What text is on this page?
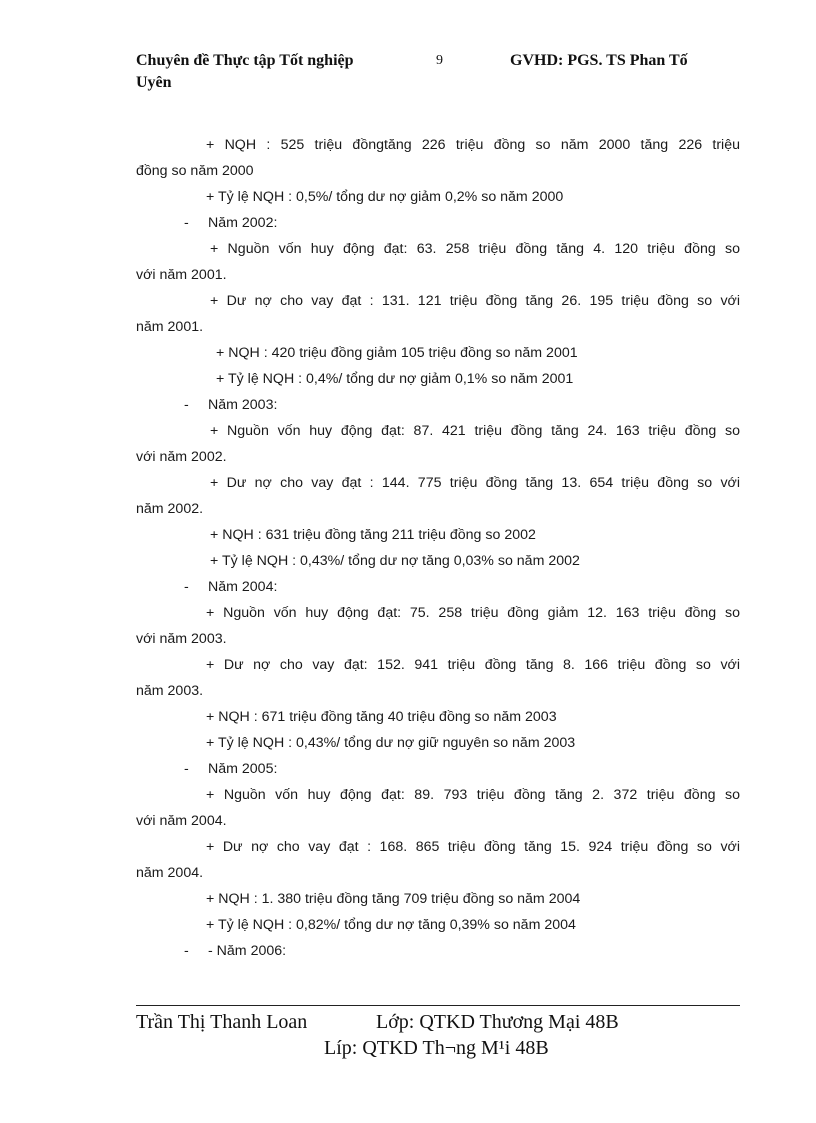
Chuyên đề Thực tập Tốt nghiệp
Uyên
9	GVHD: PGS. TS Phan Tố
+ NQH : 525 triệu đồngtăng 226 triệu đồng so năm 2000 tăng 226 triệu
đồng so năm 2000
+ Tỷ lệ NQH : 0,5%/ tổng dư nợ giảm 0,2% so năm 2000
- Năm 2002:
+ Nguồn vốn huy động đạt: 63. 258 triệu đồng tăng 4. 120 triệu đồng so
với năm 2001.
+ Dư nợ cho vay đạt : 131. 121 triệu đồng tăng 26. 195 triệu đồng so với
năm 2001.
+ NQH : 420 triệu đồng giảm 105 triệu đồng so năm 2001
+ Tỷ lệ NQH : 0,4%/ tổng dư nợ giảm 0,1% so năm 2001
- Năm 2003:
+ Nguồn vốn huy động đạt: 87. 421 triệu đồng tăng 24. 163 triệu đồng so
với năm 2002.
+ Dư nợ cho vay đạt : 144. 775 triệu đồng tăng 13. 654 triệu đồng so với
năm 2002.
+ NQH : 631 triệu đồng tăng 211 triệu đồng so 2002
+ Tỷ lệ NQH : 0,43%/ tổng dư nợ tăng 0,03% so năm 2002
- Năm 2004:
+ Nguồn vốn huy động đạt: 75. 258 triệu đồng giảm 12. 163 triệu đồng so
với năm 2003.
+ Dư nợ cho vay đạt: 152. 941 triệu đồng tăng 8. 166 triệu đồng so với
năm 2003.
+ NQH : 671 triệu đồng tăng 40 triệu đồng so năm 2003
+ Tỷ lệ NQH : 0,43%/ tổng dư nợ giữ nguyên so năm 2003
- Năm 2005:
+ Nguồn vốn huy động đạt: 89. 793 triệu đồng tăng 2. 372 triệu đồng so
với năm 2004.
+ Dư nợ cho vay đạt : 168. 865 triệu đồng tăng 15. 924 triệu đồng so với
năm 2004.
+ NQH : 1. 380 triệu đồng tăng 709 triệu đồng so năm 2004
+ Tỷ lệ NQH : 0,82%/ tổng dư nợ tăng 0,39% so năm 2004
- - Năm 2006:
Trần Thị Thanh Loan	Lớp: QTKD Thương Mại 48B
Líp: QTKD Th¬ng M¹i 48B
